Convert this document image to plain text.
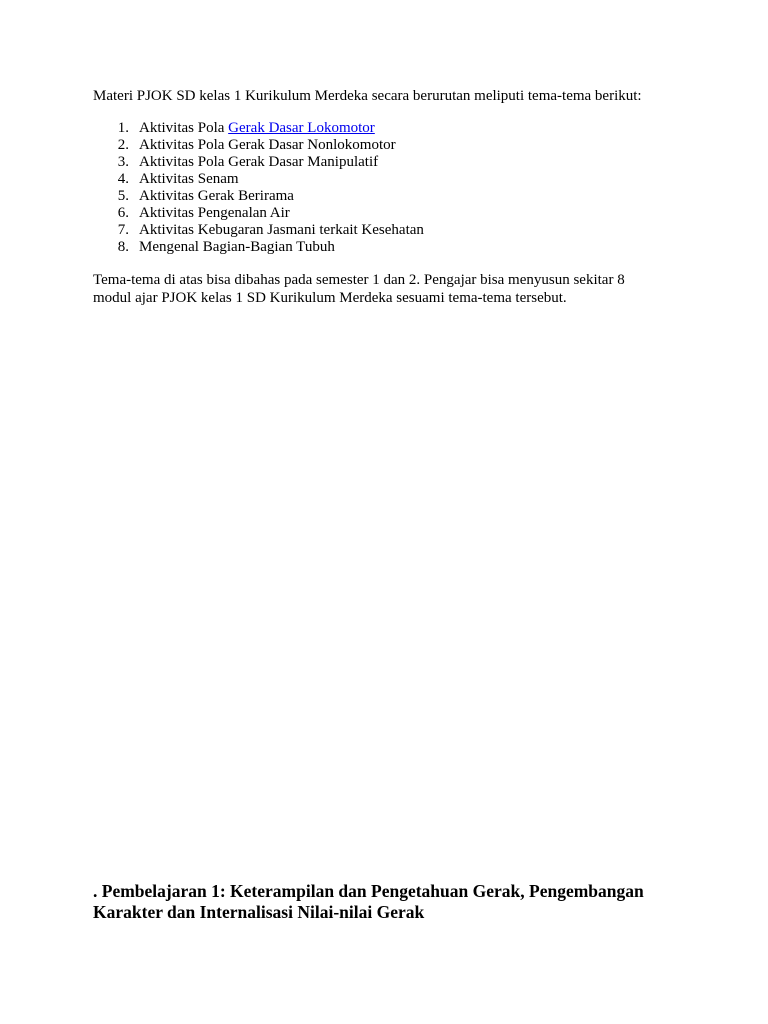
Materi PJOK SD kelas 1 Kurikulum Merdeka secara berurutan meliputi tema-tema berikut:

1. Aktivitas Pola Gerak Dasar Lokomotor
2. Aktivitas Pola Gerak Dasar Nonlokomotor
3. Aktivitas Pola Gerak Dasar Manipulatif
4. Aktivitas Senam
5. Aktivitas Gerak Berirama
6. Aktivitas Pengenalan Air
7. Aktivitas Kebugaran Jasmani terkait Kesehatan
8. Mengenal Bagian-Bagian Tubuh

Tema-tema di atas bisa dibahas pada semester 1 dan 2. Pengajar bisa menyusun sekitar 8
modul ajar PJOK kelas 1 SD Kurikulum Merdeka sesuami tema-tema tersebut.

. Pembelajaran 1: Keterampilan dan Pengetahuan Gerak, Pengembangan
Karakter dan Internalisasi Nilai-nilai Gerak
